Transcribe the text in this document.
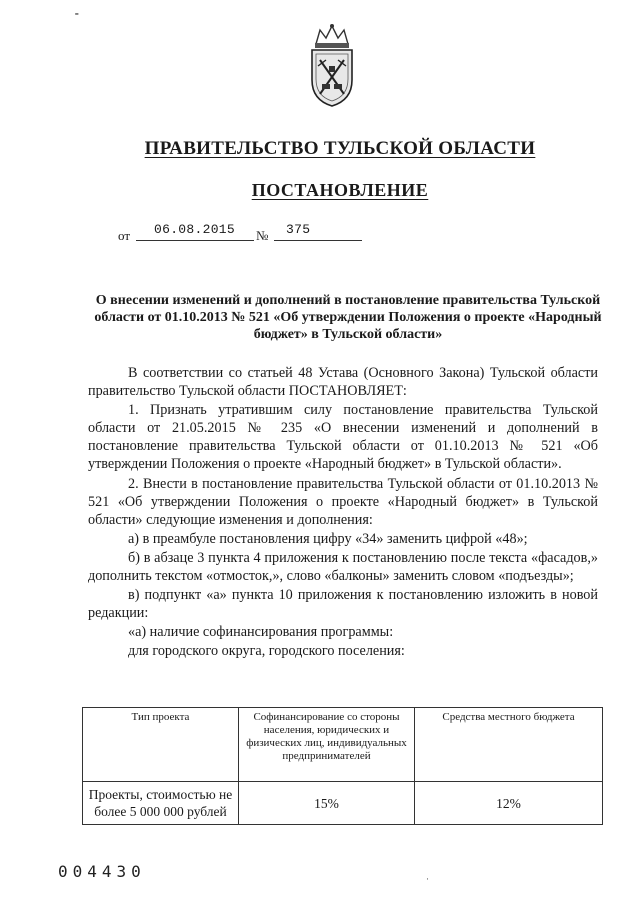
⁃
ПРАВИТЕЛЬСТВО ТУЛЬСКОЙ ОБЛАСТИ
ПОСТАНОВЛЕНИЕ
от 06.08.2015 № 375
О внесении изменений и дополнений в постановление правительства Тульской области от 01.10.2013 № 521 «Об утверждении Положения о проекте «Народный бюджет» в Тульской области»

В соответствии со статьей 48 Устава (Основного Закона) Тульской области правительство Тульской области ПОСТАНОВЛЯЕТ:

1. Признать утратившим силу постановление правительства Тульской области от 21.05.2015 № 235 «О внесении изменений и дополнений в постановление правительства Тульской области от 01.10.2013 № 521 «Об утверждении Положения о проекте «Народный бюджет» в Тульской области».

2. Внести в постановление правительства Тульской области от 01.10.2013 № 521 «Об утверждении Положения о проекте «Народный бюджет» в Тульской области» следующие изменения и дополнения:

а) в преамбуле постановления цифру «34» заменить цифрой «48»;

б) в абзаце 3 пункта 4 приложения к постановлению после текста «фасадов,» дополнить текстом «отмосток,», слово «балконы» заменить словом «подъезды»;

в) подпункт «а» пункта 10 приложения к постановлению изложить в новой редакции:

«а) наличие софинансирования программы:

для городского округа, городского поселения:

Тип проекта	Софинансирование со стороны населения, юридических и физических лиц, индивидуальных предпринимателей	Средства местного бюджета
Проекты, стоимостью не более 5 000 000 рублей	15%	12%
004430	·
